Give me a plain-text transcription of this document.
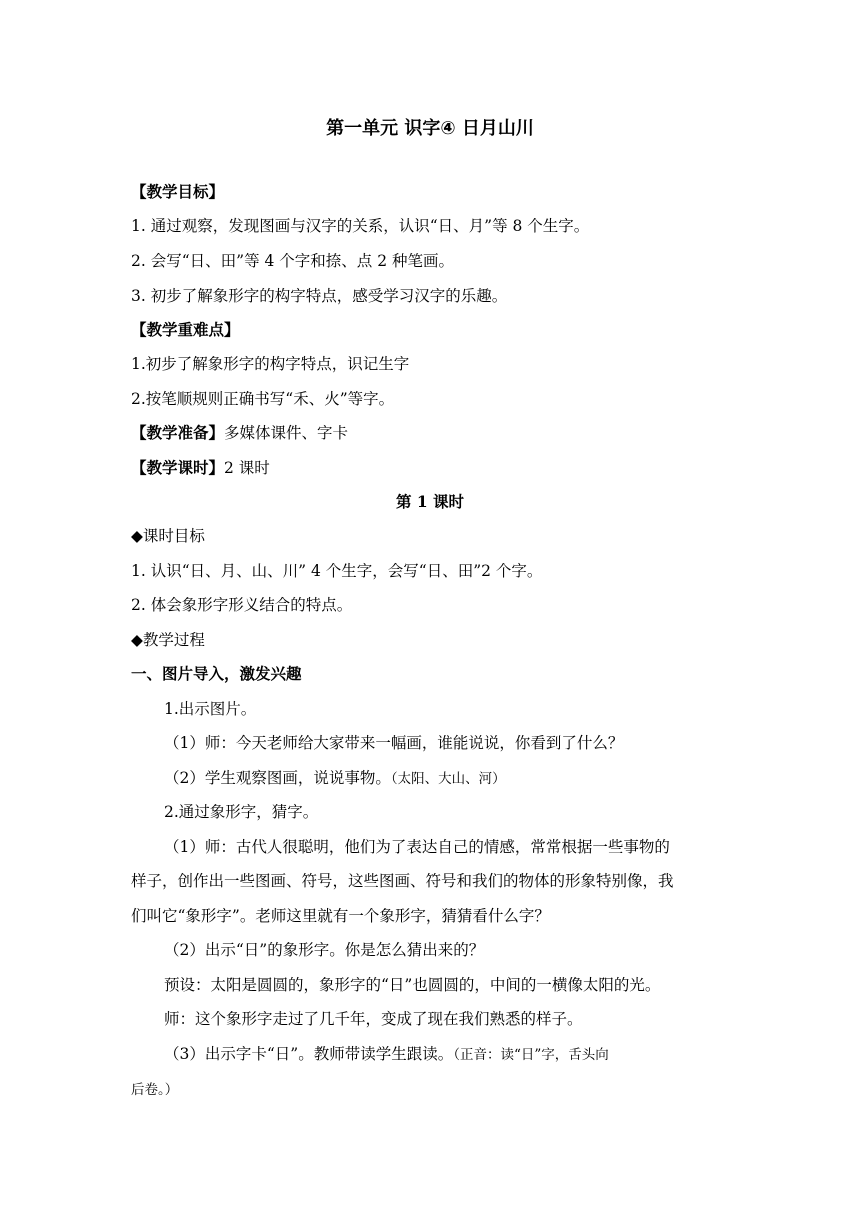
第一单元 识字④ 日月山川
【教学目标】
1. 通过观察，发现图画与汉字的关系，认识“日、月”等 8 个生字。
2. 会写“日、田”等 4 个字和捺、点 2 种笔画。
3. 初步了解象形字的构字特点，感受学习汉字的乐趣。
【教学重难点】
1.初步了解象形字的构字特点，识记生字
2.按笔顺规则正确书写“禾、火”等字。
【教学准备】多媒体课件、字卡
【教学课时】2 课时
第 1 课时
◆课时目标
1. 认识“日、月、山、川” 4 个生字，会写“日、田”2 个字。
2. 体会象形字形义结合的特点。
◆教学过程
一、图片导入，激发兴趣
1.出示图片。
（1）师：今天老师给大家带来一幅画，谁能说说，你看到了什么？
（2）学生观察图画，说说事物。（太阳、大山、河）
2.通过象形字，猜字。
（1）师：古代人很聪明，他们为了表达自己的情感，常常根据一些事物的
样子，创作出一些图画、符号，这些图画、符号和我们的物体的形象特别像，我
们叫它“象形字”。老师这里就有一个象形字，猜猜看什么字？
（2）出示“日”的象形字。你是怎么猜出来的？
预设：太阳是圆圆的，象形字的“日”也圆圆的，中间的一横像太阳的光。
师：这个象形字走过了几千年，变成了现在我们熟悉的样子。
（3）出示字卡“日”。教师带读学生跟读。（正音：读“日”字，舌头向
后卷。）
